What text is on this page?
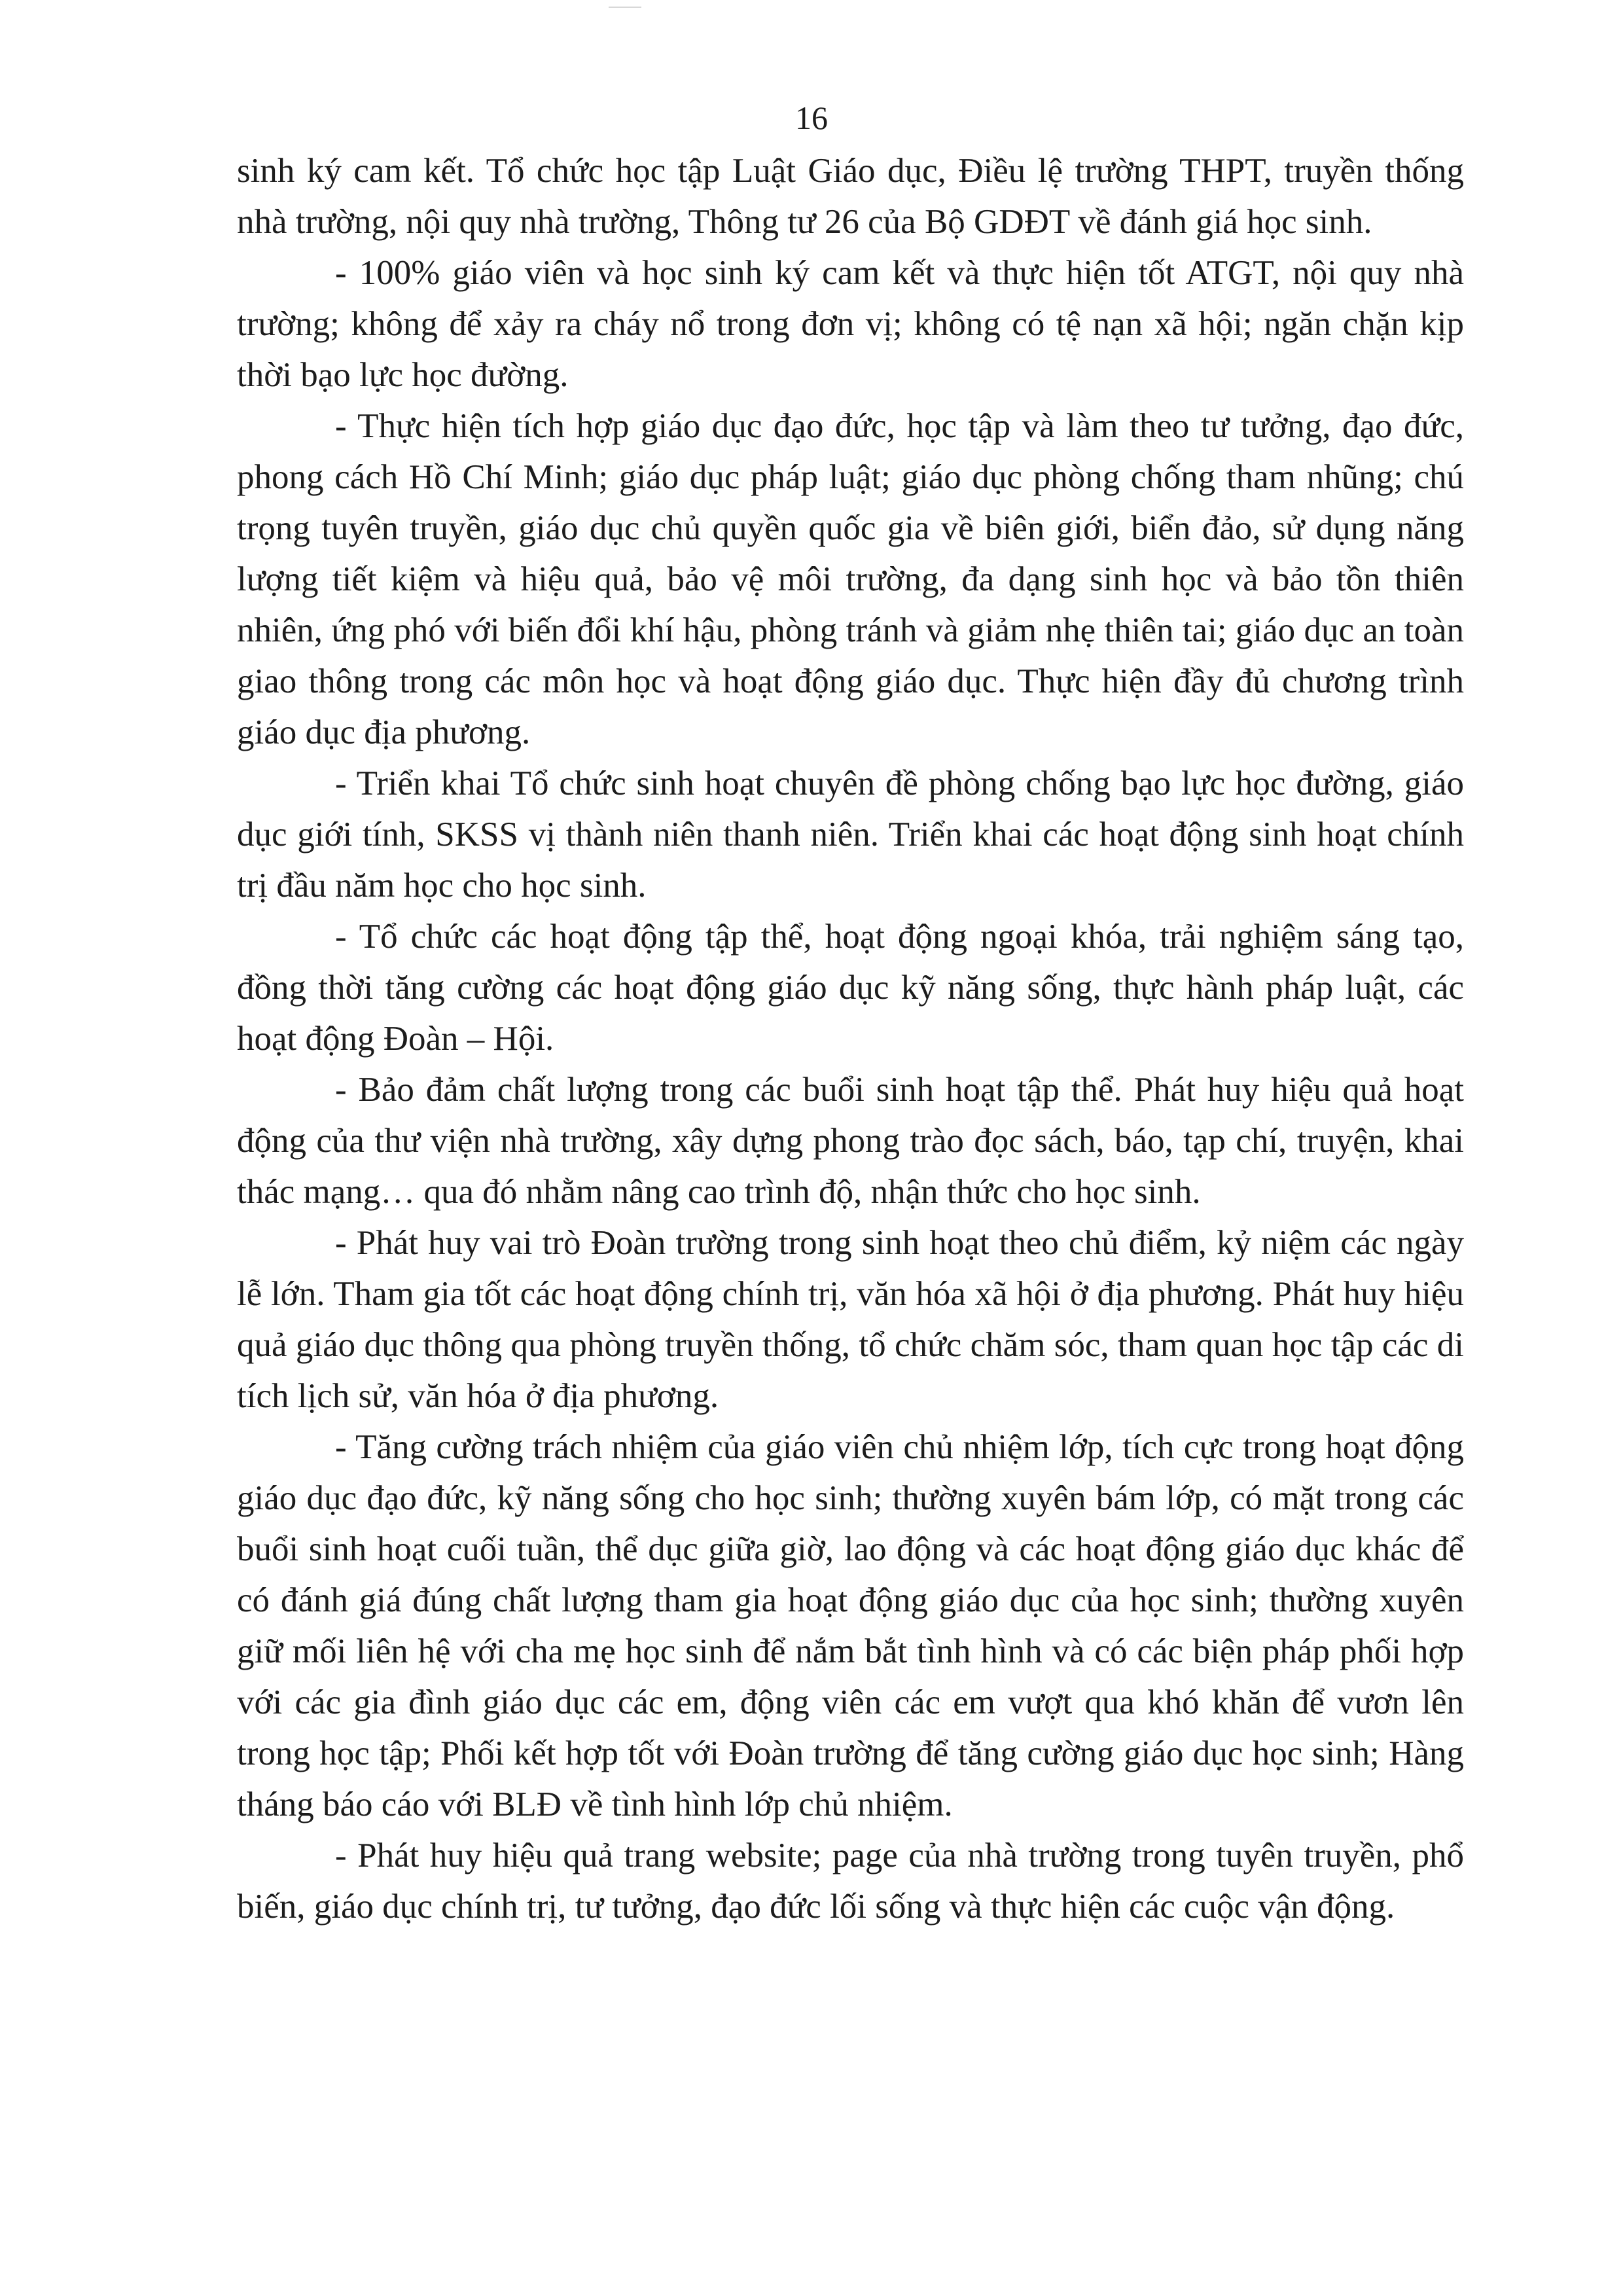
16

sinh ký cam kết. Tổ chức học tập Luật Giáo dục, Điều lệ trường THPT, truyền thống nhà trường, nội quy nhà trường, Thông tư 26 của Bộ GDĐT về đánh giá học sinh.

- 100% giáo viên và học sinh ký cam kết và thực hiện tốt ATGT, nội quy nhà trường; không để xảy ra cháy nổ trong đơn vị; không có tệ nạn xã hội; ngăn chặn kịp thời bạo lực học đường.

- Thực hiện tích hợp giáo dục đạo đức, học tập và làm theo tư tưởng, đạo đức, phong cách Hồ Chí Minh; giáo dục pháp luật; giáo dục phòng chống tham nhũng; chú trọng tuyên truyền, giáo dục chủ quyền quốc gia về biên giới, biển đảo, sử dụng năng lượng tiết kiệm và hiệu quả, bảo vệ môi trường, đa dạng sinh học và bảo tồn thiên nhiên, ứng phó với biến đổi khí hậu, phòng tránh và giảm nhẹ thiên tai; giáo dục an toàn giao thông trong các môn học và hoạt động giáo dục. Thực hiện đầy đủ chương trình giáo dục địa phương.

- Triển khai Tổ chức sinh hoạt chuyên đề phòng chống bạo lực học đường, giáo dục giới tính, SKSS vị thành niên thanh niên. Triển khai các hoạt động sinh hoạt chính trị đầu năm học cho học sinh.

- Tổ chức các hoạt động tập thể, hoạt động ngoại khóa, trải nghiệm sáng tạo, đồng thời tăng cường các hoạt động giáo dục kỹ năng sống, thực hành pháp luật, các hoạt động Đoàn – Hội.

- Bảo đảm chất lượng trong các buổi sinh hoạt tập thể. Phát huy hiệu quả hoạt động của thư viện nhà trường, xây dựng phong trào đọc sách, báo, tạp chí, truyện, khai thác mạng… qua đó nhằm nâng cao trình độ, nhận thức cho học sinh.

- Phát huy vai trò Đoàn trường trong sinh hoạt theo chủ điểm, kỷ niệm các ngày lễ lớn. Tham gia tốt các hoạt động chính trị, văn hóa xã hội ở địa phương. Phát huy hiệu quả giáo dục thông qua phòng truyền thống, tổ chức chăm sóc, tham quan học tập các di tích lịch sử, văn hóa ở địa phương.

- Tăng cường trách nhiệm của giáo viên chủ nhiệm lớp, tích cực trong hoạt động giáo dục đạo đức, kỹ năng sống cho học sinh; thường xuyên bám lớp, có mặt trong các buổi sinh hoạt cuối tuần, thể dục giữa giờ, lao động và các hoạt động giáo dục khác để có đánh giá đúng chất lượng tham gia hoạt động giáo dục của học sinh; thường xuyên giữ mối liên hệ với cha mẹ học sinh để nắm bắt tình hình và có các biện pháp phối hợp với các gia đình giáo dục các em, động viên các em vượt qua khó khăn để vươn lên trong học tập; Phối kết hợp tốt với Đoàn trường để tăng cường giáo dục học sinh; Hàng tháng báo cáo với BLĐ về tình hình lớp chủ nhiệm.

- Phát huy hiệu quả trang website; page của nhà trường trong tuyên truyền, phổ biến, giáo dục chính trị, tư tưởng, đạo đức lối sống và thực hiện các cuộc vận động.
